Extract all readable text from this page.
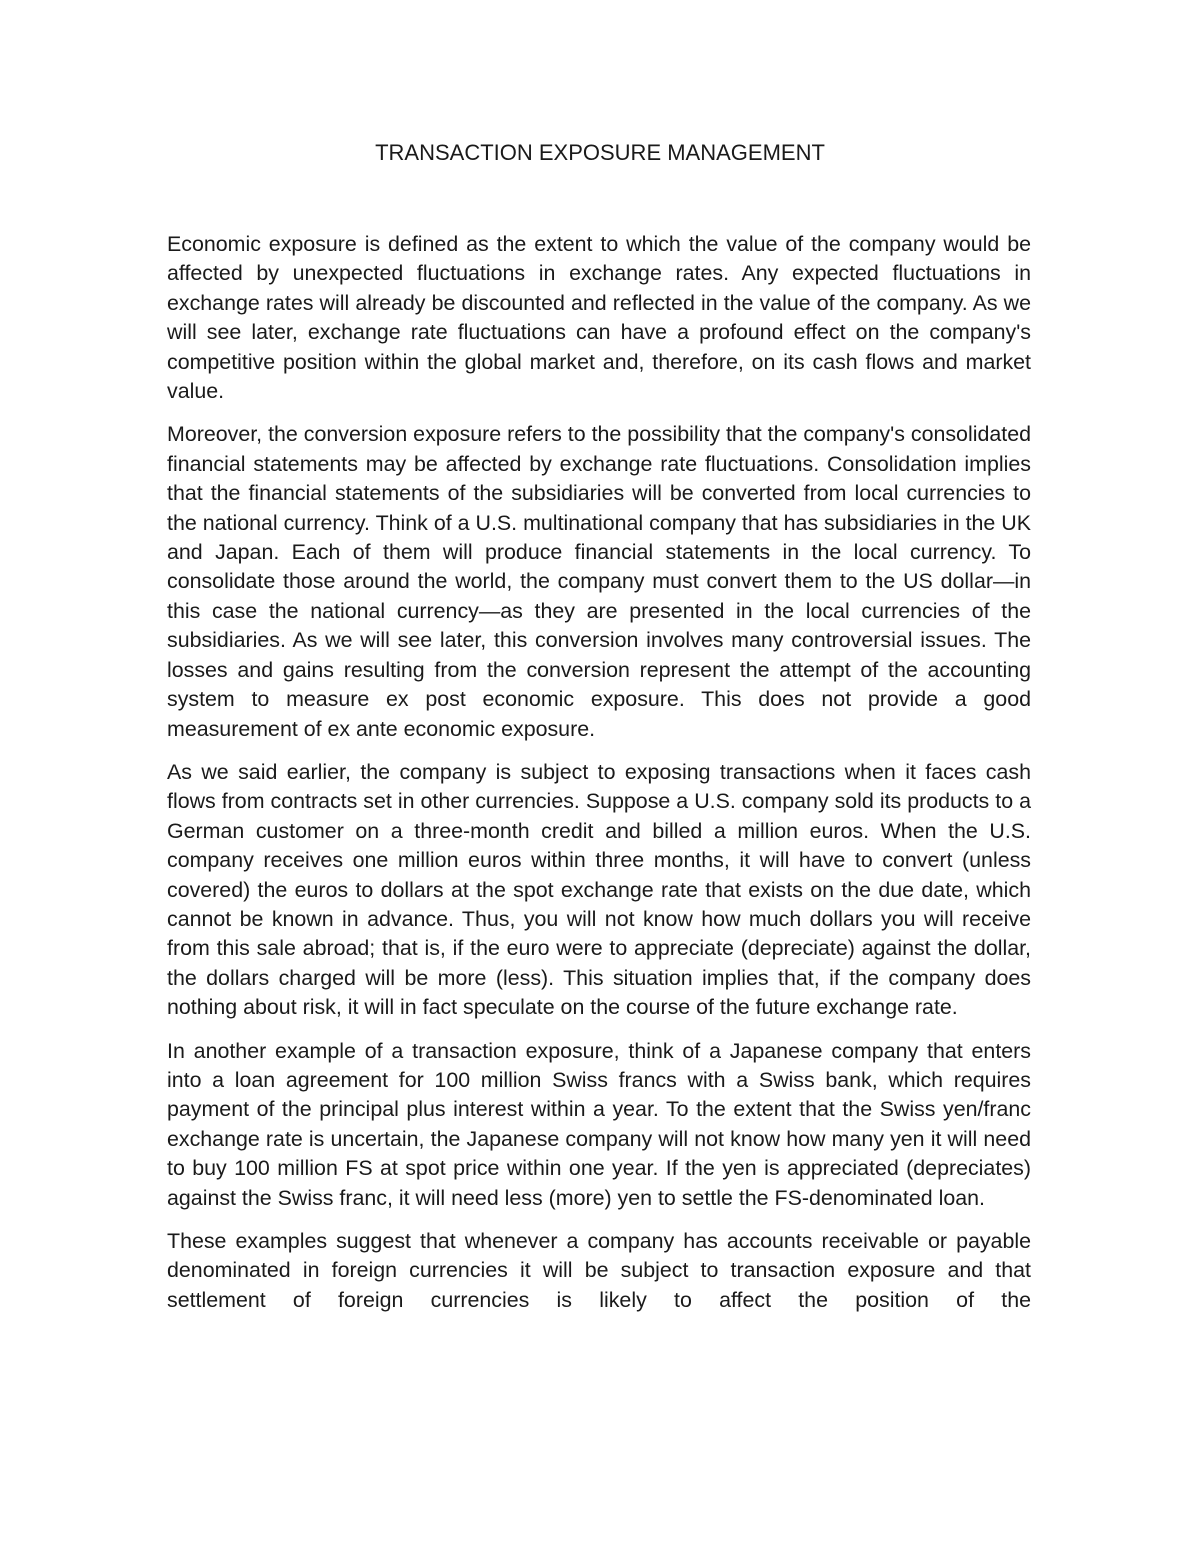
TRANSACTION EXPOSURE MANAGEMENT

Economic exposure is defined as the extent to which the value of the company would be affected by unexpected fluctuations in exchange rates. Any expected fluctuations in exchange rates will already be discounted and reflected in the value of the company. As we will see later, exchange rate fluctuations can have a profound effect on the company's competitive position within the global market and, therefore, on its cash flows and market value.

Moreover, the conversion exposure refers to the possibility that the company's consolidated financial statements may be affected by exchange rate fluctuations. Consolidation implies that the financial statements of the subsidiaries will be converted from local currencies to the national currency. Think of a U.S. multinational company that has subsidiaries in the UK and Japan. Each of them will produce financial statements in the local currency. To consolidate those around the world, the company must convert them to the US dollar—in this case the national currency—as they are presented in the local currencies of the subsidiaries. As we will see later, this conversion involves many controversial issues. The losses and gains resulting from the conversion represent the attempt of the accounting system to measure ex post economic exposure. This does not provide a good measurement of ex ante economic exposure.

As we said earlier, the company is subject to exposing transactions when it faces cash flows from contracts set in other currencies. Suppose a U.S. company sold its products to a German customer on a three-month credit and billed a million euros. When the U.S. company receives one million euros within three months, it will have to convert (unless covered) the euros to dollars at the spot exchange rate that exists on the due date, which cannot be known in advance. Thus, you will not know how much dollars you will receive from this sale abroad; that is, if the euro were to appreciate (depreciate) against the dollar, the dollars charged will be more (less). This situation implies that, if the company does nothing about risk, it will in fact speculate on the course of the future exchange rate.

In another example of a transaction exposure, think of a Japanese company that enters into a loan agreement for 100 million Swiss francs with a Swiss bank, which requires payment of the principal plus interest within a year. To the extent that the Swiss yen/franc exchange rate is uncertain, the Japanese company will not know how many yen it will need to buy 100 million FS at spot price within one year. If the yen is appreciated (depreciates) against the Swiss franc, it will need less (more) yen to settle the FS-denominated loan.

These examples suggest that whenever a company has accounts receivable or payable denominated in foreign currencies it will be subject to transaction exposure and that settlement of foreign currencies is likely to affect the position of the
